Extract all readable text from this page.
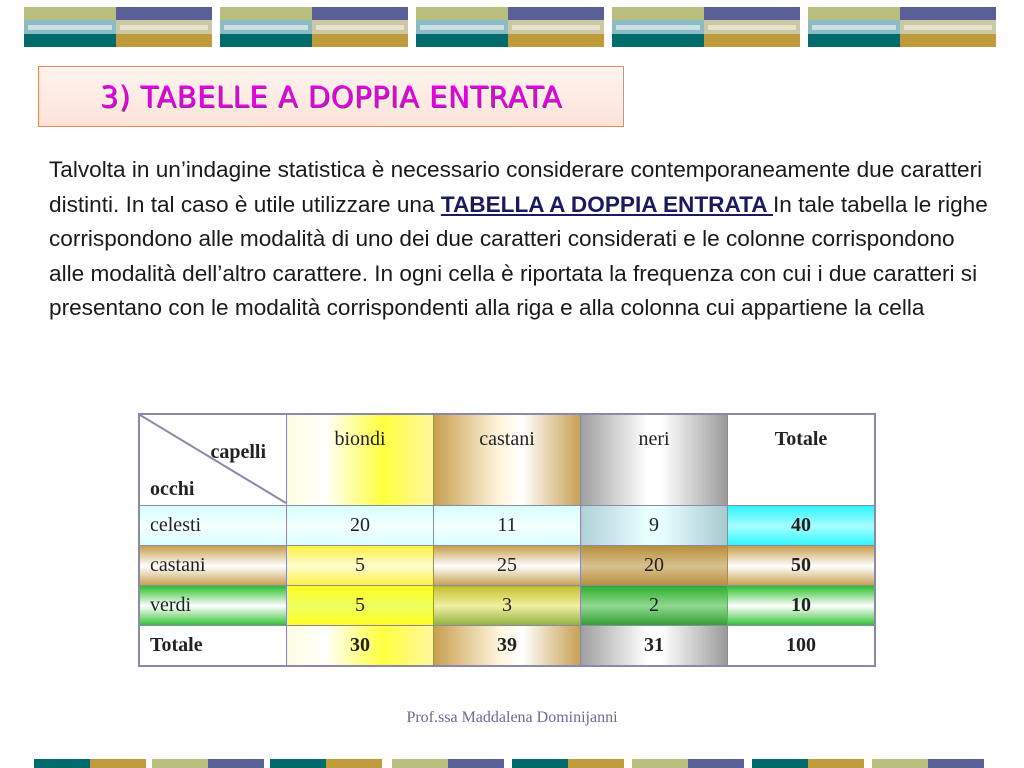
3) TABELLE A DOPPIA ENTRATA
Talvolta in un’indagine statistica è necessario considerare contemporaneamente due caratteri distinti. In tal caso è utile utilizzare una TABELLA A DOPPIA ENTRATA In tale tabella le righe corrispondono alle modalità di uno dei due caratteri considerati e le colonne corrispondono alle modalità dell’altro carattere. In ogni cella è riportata la frequenza con cui i due caratteri si presentano con le modalità corrispondenti alla riga e alla colonna cui appartiene la cella
capelli
occhi	biondi	castani	neri	Totale

celesti	20	11	9	40
castani	5	25	20	50
verdi	5	3	2	10
Totale	30	39	31	100
Prof.ssa Maddalena Dominijanni
